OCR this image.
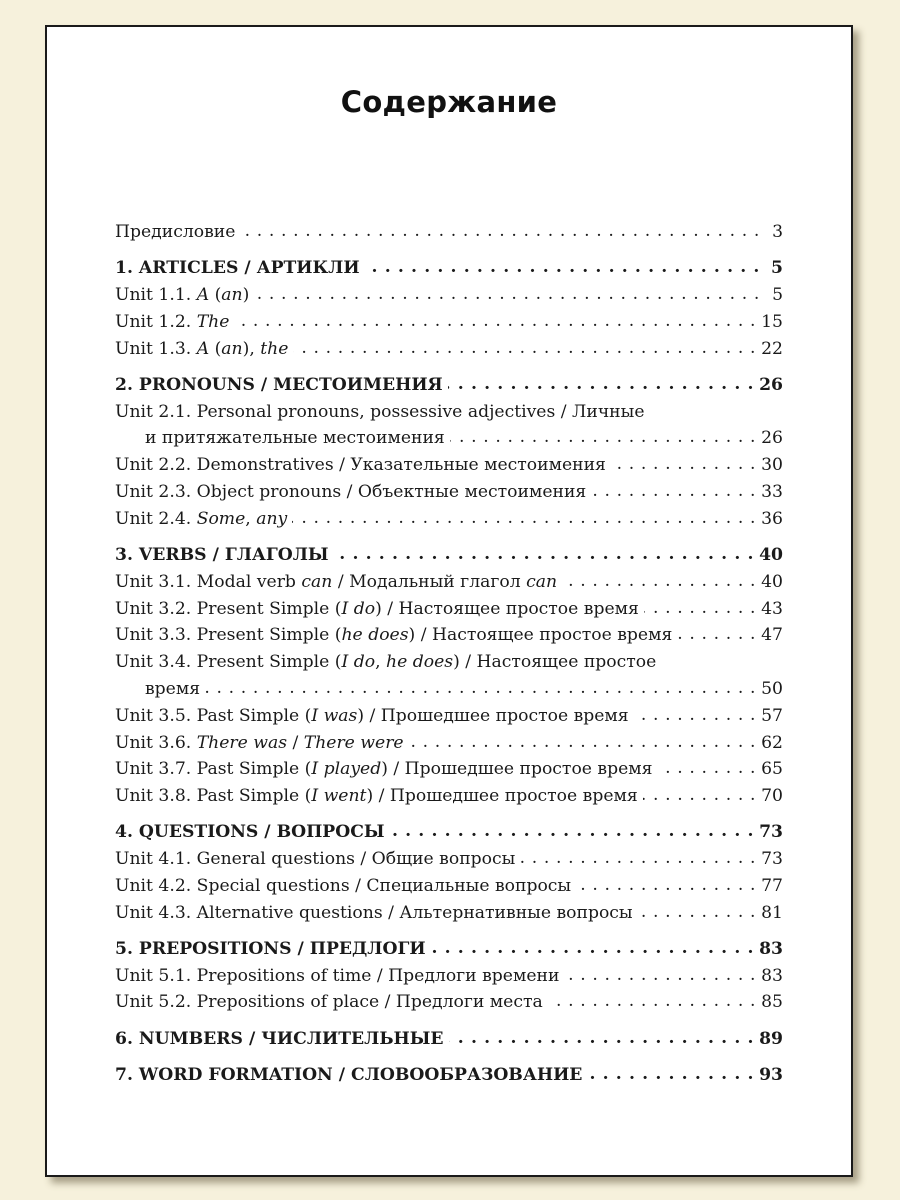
Содержание
Предисловие . . .	3
1. ARTICLES / АРТИКЛИ . . .	5
Unit 1.1. A (an) . . .	5
Unit 1.2. The . . .	15
Unit 1.3. A (an), the . . .	22
2. PRONOUNS / МЕСТОИМЕНИЯ . . .	26
Unit 2.1. Personal pronouns, possessive adjectives / Личные
и притяжательные местоимения . . .	26
Unit 2.2. Demonstratives / Указательные местоимения . . .	30
Unit 2.3. Object pronouns / Объектные местоимения . . .	33
Unit 2.4. Some, any . . .	36
3. VERBS / ГЛАГОЛЫ . . .	40
Unit 3.1. Modal verb can / Модальный глагол can . . .	40
Unit 3.2. Present Simple (I do) / Настоящее простое время . . .	43
Unit 3.3. Present Simple (he does) / Настоящее простое время . . .	47
Unit 3.4. Present Simple (I do, he does) / Настоящее простое
время . . .	50
Unit 3.5. Past Simple (I was) / Прошедшее простое время . . .	57
Unit 3.6. There was / There were . . .	62
Unit 3.7. Past Simple (I played) / Прошедшее простое время . . .	65
Unit 3.8. Past Simple (I went) / Прошедшее простое время . . .	70
4. QUESTIONS / ВОПРОСЫ . . .	73
Unit 4.1. General questions / Общие вопросы . . .	73
Unit 4.2. Special questions / Специальные вопросы . . .	77
Unit 4.3. Alternative questions / Альтернативные вопросы . . .	81
5. PREPOSITIONS / ПРЕДЛОГИ . . .	83
Unit 5.1. Prepositions of time / Предлоги времени . . .	83
Unit 5.2. Prepositions of place / Предлоги места . . .	85
6. NUMBERS / ЧИСЛИТЕЛЬНЫЕ . . .	89
7. WORD FORMATION / СЛОВООБРАЗОВАНИЕ . . .	93
